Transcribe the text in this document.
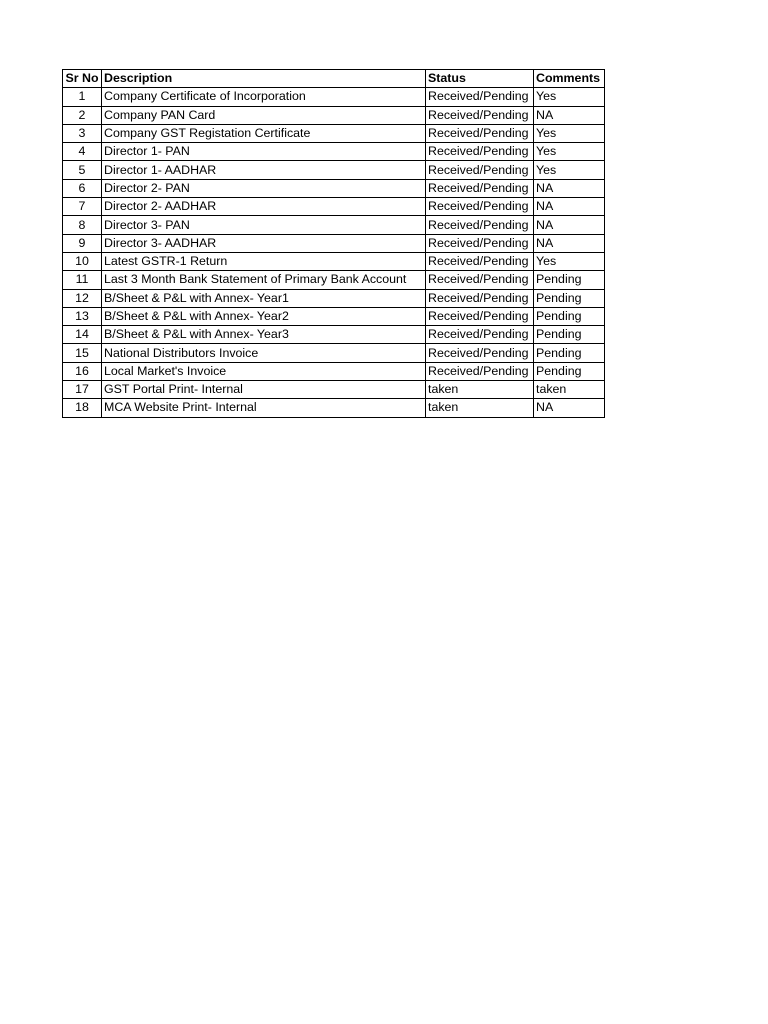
Sr No	Description	Status	Comments
1	Company Certificate of Incorporation	Received/Pending	Yes
2	Company PAN Card	Received/Pending	NA
3	Company GST Registation Certificate	Received/Pending	Yes
4	Director 1- PAN	Received/Pending	Yes
5	Director 1- AADHAR	Received/Pending	Yes
6	Director 2- PAN	Received/Pending	NA
7	Director 2- AADHAR	Received/Pending	NA
8	Director 3- PAN	Received/Pending	NA
9	Director 3- AADHAR	Received/Pending	NA
10	Latest GSTR-1 Return	Received/Pending	Yes
11	Last 3 Month Bank Statement of Primary Bank Account	Received/Pending	Pending
12	B/Sheet & P&L with Annex- Year1	Received/Pending	Pending
13	B/Sheet & P&L with Annex- Year2	Received/Pending	Pending
14	B/Sheet & P&L with Annex- Year3	Received/Pending	Pending
15	National Distributors Invoice	Received/Pending	Pending
16	Local Market's Invoice	Received/Pending	Pending
17	GST Portal Print- Internal	taken	taken
18	MCA Website Print- Internal	taken	NA
